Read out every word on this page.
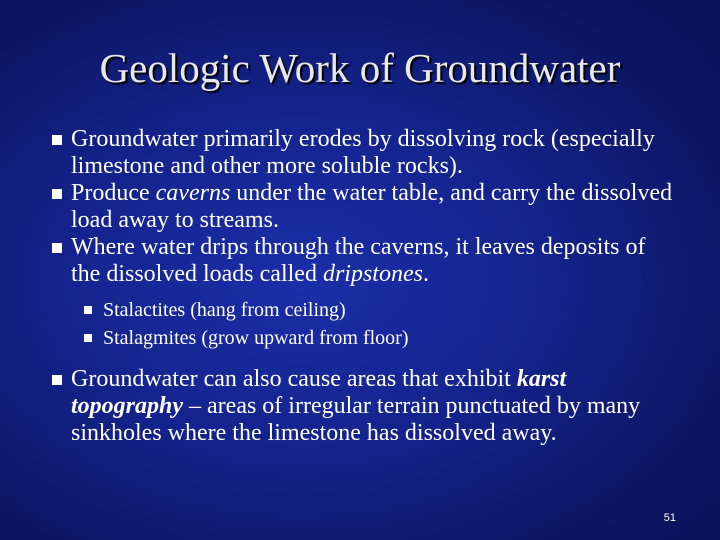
Geologic Work of Groundwater
Groundwater primarily erodes by dissolving rock (especially limestone and other more soluble rocks).
Produce caverns under the water table, and carry the dissolved load away to streams.
Where water drips through the caverns, it leaves deposits of the dissolved loads called dripstones.
Stalactites (hang from ceiling)
Stalagmites (grow upward from floor)
Groundwater can also cause areas that exhibit karst topography – areas of irregular terrain punctuated by many sinkholes where the limestone has dissolved away.
51
